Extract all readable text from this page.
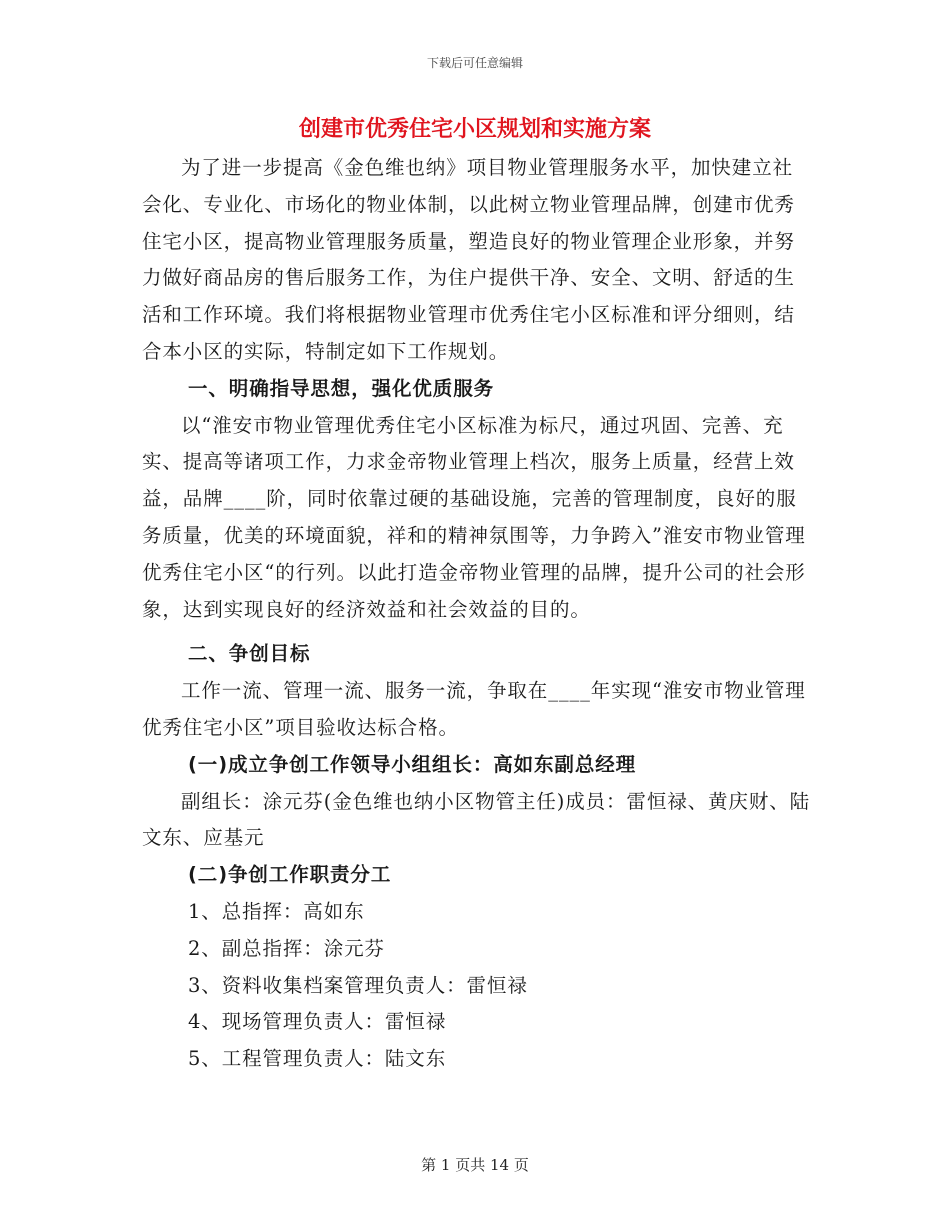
下载后可任意编辑
创建市优秀住宅小区规划和实施方案

为了进一步提高《金色维也纳》项目物业管理服务水平，加快建立社会化、专业化、市场化的物业体制，以此树立物业管理品牌，创建市优秀住宅小区，提高物业管理服务质量，塑造良好的物业管理企业形象，并努力做好商品房的售后服务工作，为住户提供干净、安全、文明、舒适的生活和工作环境。我们将根据物业管理市优秀住宅小区标准和评分细则，结合本小区的实际，特制定如下工作规划。

一、明确指导思想，强化优质服务

以“淮安市物业管理优秀住宅小区标准为标尺，通过巩固、完善、充实、提高等诸项工作，力求金帝物业管理上档次，服务上质量，经营上效益，品牌____阶，同时依靠过硬的基础设施，完善的管理制度，良好的服务质量，优美的环境面貌，祥和的精神氛围等，力争跨入”淮安市物业管理优秀住宅小区“的行列。以此打造金帝物业管理的品牌，提升公司的社会形象，达到实现良好的经济效益和社会效益的目的。

二、争创目标

工作一流、管理一流、服务一流，争取在____年实现“淮安市物业管理优秀住宅小区”项目验收达标合格。

(一)成立争创工作领导小组组长：高如东副总经理

副组长：涂元芬(金色维也纳小区物管主任)成员：雷恒禄、黄庆财、陆文东、应基元

(二)争创工作职责分工

1、总指挥：高如东

2、副总指挥：涂元芬

3、资料收集档案管理负责人：雷恒禄

4、现场管理负责人：雷恒禄

5、工程管理负责人：陆文东

第 1 页共 14 页
